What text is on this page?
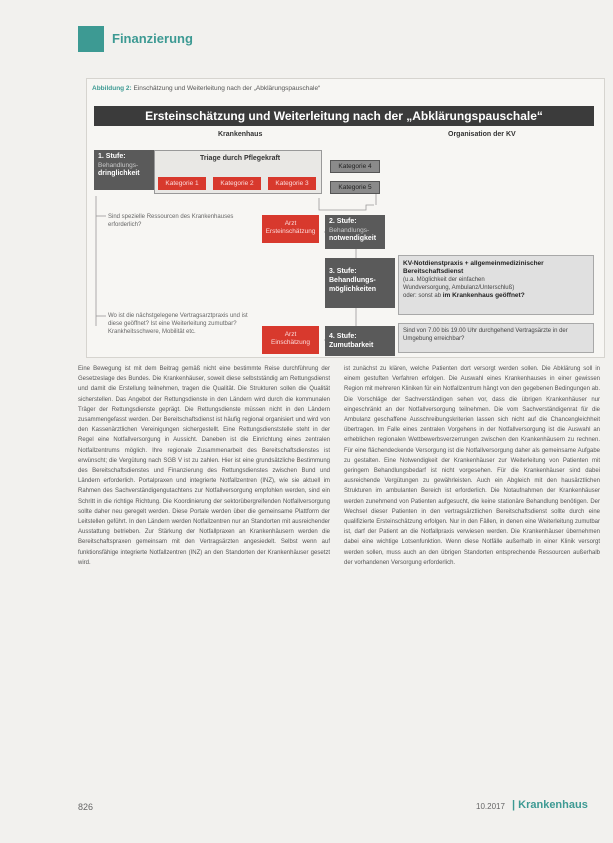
Finanzierung
Abbildung 2: Einschätzung und Weiterleitung nach der „Abklärungspauschale“
Ersteinschätzung und Weiterleitung nach der „Abklärungspauschale“
Krankenhaus	Organisation der KV
1. Stufe:
Behandlungs-

dringlichkeit
Triage durch Pflegekraft
Kategorie 1	Kategorie 2	Kategorie 3
Kategorie 4
Kategorie 5
Sind spezielle Ressourcen des Krankenhauses erforderlich?	Arzt
Ersteinschätzung
2. Stufe:
Behandlungs-

notwendigkeit
3. Stufe:
Behandlungs-
möglichkeiten
KV-Notdienstpraxis + allgemeinmedizinischer Bereitschaftsdienst
(u.a. Möglichkeit der einfachen
Wundversorgung, Ambulanz/Unterschluß)
oder: sonst ab im Krankenhaus geöffnet?
Wo ist die nächstgelegene Vertragsarztpraxis und ist diese geöffnet? Ist eine Weiterleitung zumutbar? Krankheitsschwere, Mobilität etc.	Arzt
Einschätzung
4. Stufe:
Zumutbarkeit
Sind von 7.00 bis 19.00 Uhr durchgehend Vertragsärzte in der Umgebung erreichbar?

Eine Bewegung ist mit dem Beitrag gemäß nicht eine bestimmte Reise durchführung der Gesetzeslage des Bundes. Die Krankenhäuser, soweit diese selbstständig am Rettungsdienst und damit die Erstellung teilnehmen, tragen die Qualität. Die Strukturen sollen die Qualität sicherstellen. Das Angebot der Rettungsdienste in den Ländern wird durch die kommunalen Träger der Rettungsdienste geprägt. Die Rettungsdienste müssen nicht in den Ländern zusammengefasst werden. Der Bereitschaftsdienst ist häufig regional organisiert und wird von den Kassenärztlichen Vereinigungen sichergestellt. Eine Rettungsdienststelle steht in der Regel eine Notfallversorgung in Aussicht. Daneben ist die Einrichtung eines zentralen Notfallzentrums möglich. Ihre regionale Zusammenarbeit des Bereitschaftsdienstes ist erwünscht; die Vergütung nach SGB V ist zu zahlen. Hier ist eine grundsätzliche Bestimmung des Bereitschaftsdienstes und Finanzierung des Rettungsdienstes zwischen Bund und Ländern erforderlich. Portalpraxen und integrierte Notfallzentren (INZ), wie sie aktuell im Rahmen des Sachverständigengutachtens zur Notfallversorgung empfohlen werden, sind ein Schritt in die richtige Richtung. Die Koordinierung der sektorübergreifenden Notfallversorgung sollte daher neu geregelt werden. Diese Portale werden über die gemeinsame Plattform der Leitstellen geführt. In den Ländern werden Notfallzentren nur an Standorten mit ausreichender Ausstattung betrieben. Zur Stärkung der Notfallpraxen an Krankenhäusern werden die Bereitschaftspraxen gemeinsam mit den Vertragsärzten angesiedelt. Selbst wenn auf funktionsfähige integrierte Notfallzentren (INZ) an den Standorten der Krankenhäuser gesetzt wird.

ist zunächst zu klären, welche Patienten dort versorgt werden sollen. Die Abklärung soll in einem gestuften Verfahren erfolgen. Die Auswahl eines Krankenhauses in einer gewissen Region mit mehreren Kliniken für ein Notfallzentrum hängt von den gegebenen Bedingungen ab. Die Vorschläge der Sachverständigen sehen vor, dass die übrigen Krankenhäuser nur eingeschränkt an der Notfallversorgung teilnehmen. Die vom Sachverständigenrat für die Ambulanz geschaffene Ausschreibungskriterien lassen sich nicht auf die Chancengleichheit übertragen. Im Falle eines zentralen Vorgehens in der Notfallversorgung ist die Auswahl an erheblichen regionalen Wettbewerbsverzerrungen zwischen den Krankenhäusern zu rechnen. Für eine flächendeckende Versorgung ist die Notfallversorgung daher als gemeinsame Aufgabe zu gestalten. Eine Notwendigkeit der Krankenhäuser zur Weiterleitung von Patienten mit geringem Behandlungsbedarf ist nicht vorgesehen. Für die Krankenhäuser sind dabei ausreichende Vergütungen zu gewährleisten. Auch ein Abgleich mit den hausärztlichen Strukturen im ambulanten Bereich ist erforderlich. Die Notaufnahmen der Krankenhäuser werden zunehmend von Patienten aufgesucht, die keine stationäre Behandlung benötigen. Der Wechsel dieser Patienten in den vertragsärztlichen Bereitschaftsdienst sollte durch eine qualifizierte Ersteinschätzung erfolgen. Nur in den Fällen, in denen eine Weiterleitung zumutbar ist, darf der Patient an die Notfallpraxis verwiesen werden. Die Krankenhäuser übernehmen dabei eine wichtige Lotsenfunktion. Wenn diese Notfälle außerhalb in einer Klinik versorgt werden sollen, muss auch an den übrigen Standorten entsprechende Ressourcen außerhalb der vorhandenen Versorgung erforderlich.

826	10.2017 | Krankenhaus
